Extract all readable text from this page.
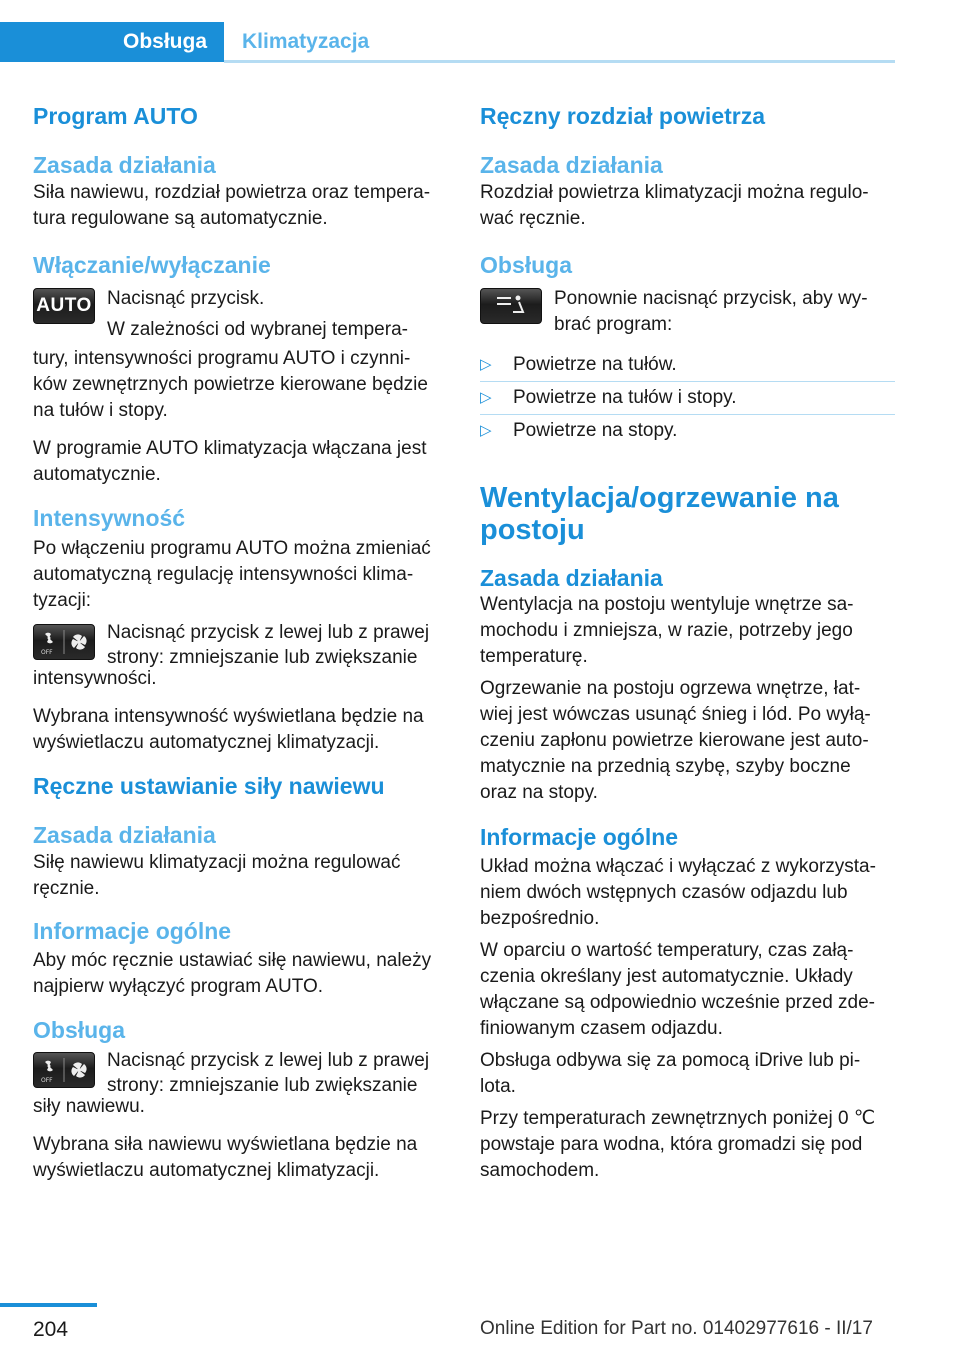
Obsługa	Klimatyzacja
Program AUTO
Zasada działania

Siła nawiewu, rozdział powietrza oraz tempera‐
tura regulowane są automatycznie.

Włączanie/wyłączanie
AUTO Nacisnąć przycisk.

W zależności od wybranej tempera‐

tury, intensywności programu AUTO i czynni‐
ków zewnętrznych powietrze kierowane będzie
na tułów i stopy.

W programie AUTO klimatyzacja włączana jest
automatycznie.

Intensywność

Po włączeniu programu AUTO można zmieniać
automatyczną regulację intensywności klima‐
tyzacji:

OFF

Nacisnąć przycisk z lewej lub z prawej
strony: zmniejszanie lub zwiększanie

intensywności.

Wybrana intensywność wyświetlana będzie na
wyświetlaczu automatycznej klimatyzacji.

Ręczne ustawianie siły nawiewu
Zasada działania

Siłę nawiewu klimatyzacji można regulować
ręcznie.

Informacje ogólne

Aby móc ręcznie ustawiać siłę nawiewu, należy
najpierw wyłączyć program AUTO.

Obsługa
OFF

Nacisnąć przycisk z lewej lub z prawej
strony: zmniejszanie lub zwiększanie

siły nawiewu.

Wybrana siła nawiewu wyświetlana będzie na
wyświetlaczu automatycznej klimatyzacji.

Ręczny rozdział powietrza
Zasada działania

Rozdział powietrza klimatyzacji można regulo‐
wać ręcznie.

Obsługa

Ponownie nacisnąć przycisk, aby wy‐
brać program:

▷ Powietrze na tułów.
▷ Powietrze na tułów i stopy.
▷ Powietrze na stopy.
Wentylacja/ogrzewanie na
postoju
Zasada działania

Wentylacja na postoju wentyluje wnętrze sa‐
mochodu i zmniejsza, w razie, potrzeby jego
temperaturę.

Ogrzewanie na postoju ogrzewa wnętrze, łat‐
wiej jest wówczas usunąć śnieg i lód. Po wyłą‐
czeniu zapłonu powietrze kierowane jest auto‐
matycznie na przednią szybę, szyby boczne
oraz na stopy.

Informacje ogólne

Układ można włączać i wyłączać z wykorzysta‐
niem dwóch wstępnych czasów odjazdu lub
bezpośrednio.

W oparciu o wartość temperatury, czas załą‐
czenia określany jest automatycznie. Układy
włączane są odpowiednio wcześnie przed zde‐
finiowanym czasem odjazdu.

Obsługa odbywa się za pomocą iDrive lub pi‐
lota.

Przy temperaturach zewnętrznych poniżej 0 ℃
powstaje para wodna, która gromadzi się pod
samochodem.

204	Online Edition for Part no. 01402977616 - II/17
